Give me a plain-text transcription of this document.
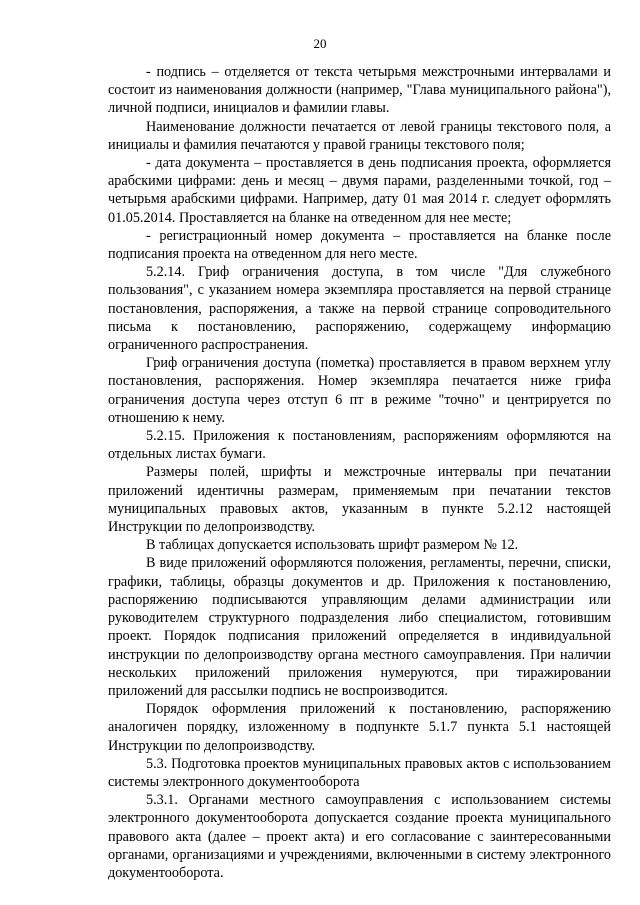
20

- подпись – отделяется от текста четырьмя межстрочными интервалами и состоит из наименования должности (например, "Глава муниципального района"), личной подписи, инициалов и фамилии главы.

Наименование должности печатается от левой границы текстового поля, а инициалы и фамилия печатаются у правой границы текстового поля;

- дата документа – проставляется в день подписания проекта, оформляется арабскими цифрами: день и месяц – двумя парами, разделенными точкой, год – четырьмя арабскими цифрами. Например, дату 01 мая 2014 г. следует оформлять 01.05.2014. Проставляется на бланке на отведенном для нее месте;

- регистрационный номер документа – проставляется на бланке после подписания проекта на отведенном для него месте.

5.2.14. Гриф ограничения доступа, в том числе "Для служебного пользования", с указанием номера экземпляра проставляется на первой странице постановления, распоряжения, а также на первой странице сопроводительного письма к постановлению, распоряжению, содержащему информацию ограниченного распространения.

Гриф ограничения доступа (пометка) проставляется в правом верхнем углу постановления, распоряжения. Номер экземпляра печатается ниже грифа ограничения доступа через отступ 6 пт в режиме "точно" и центрируется по отношению к нему.

5.2.15. Приложения к постановлениям, распоряжениям оформляются на отдельных листах бумаги.

Размеры полей, шрифты и межстрочные интервалы при печатании приложений идентичны размерам, применяемым при печатании текстов муниципальных правовых актов, указанным в пункте 5.2.12 настоящей Инструкции по делопроизводству.

В таблицах допускается использовать шрифт размером № 12.

В виде приложений оформляются положения, регламенты, перечни, списки, графики, таблицы, образцы документов и др. Приложения к постановлению, распоряжению подписываются управляющим делами администрации или руководителем структурного подразделения либо специалистом, готовившим проект. Порядок подписания приложений определяется в индивидуальной инструкции по делопроизводству органа местного самоуправления. При наличии нескольких приложений приложения нумеруются, при тиражировании приложений для рассылки подпись не воспроизводится.

Порядок оформления приложений к постановлению, распоряжению аналогичен порядку, изложенному в подпункте 5.1.7 пункта 5.1 настоящей Инструкции по делопроизводству.

5.3. Подготовка проектов муниципальных правовых актов с использованием системы электронного документооборота

5.3.1. Органами местного самоуправления с использованием системы электронного документооборота допускается создание проекта муниципального правового акта (далее – проект акта) и его согласование с заинтересованными органами, организациями и учреждениями, включенными в систему электронного документооборота.
